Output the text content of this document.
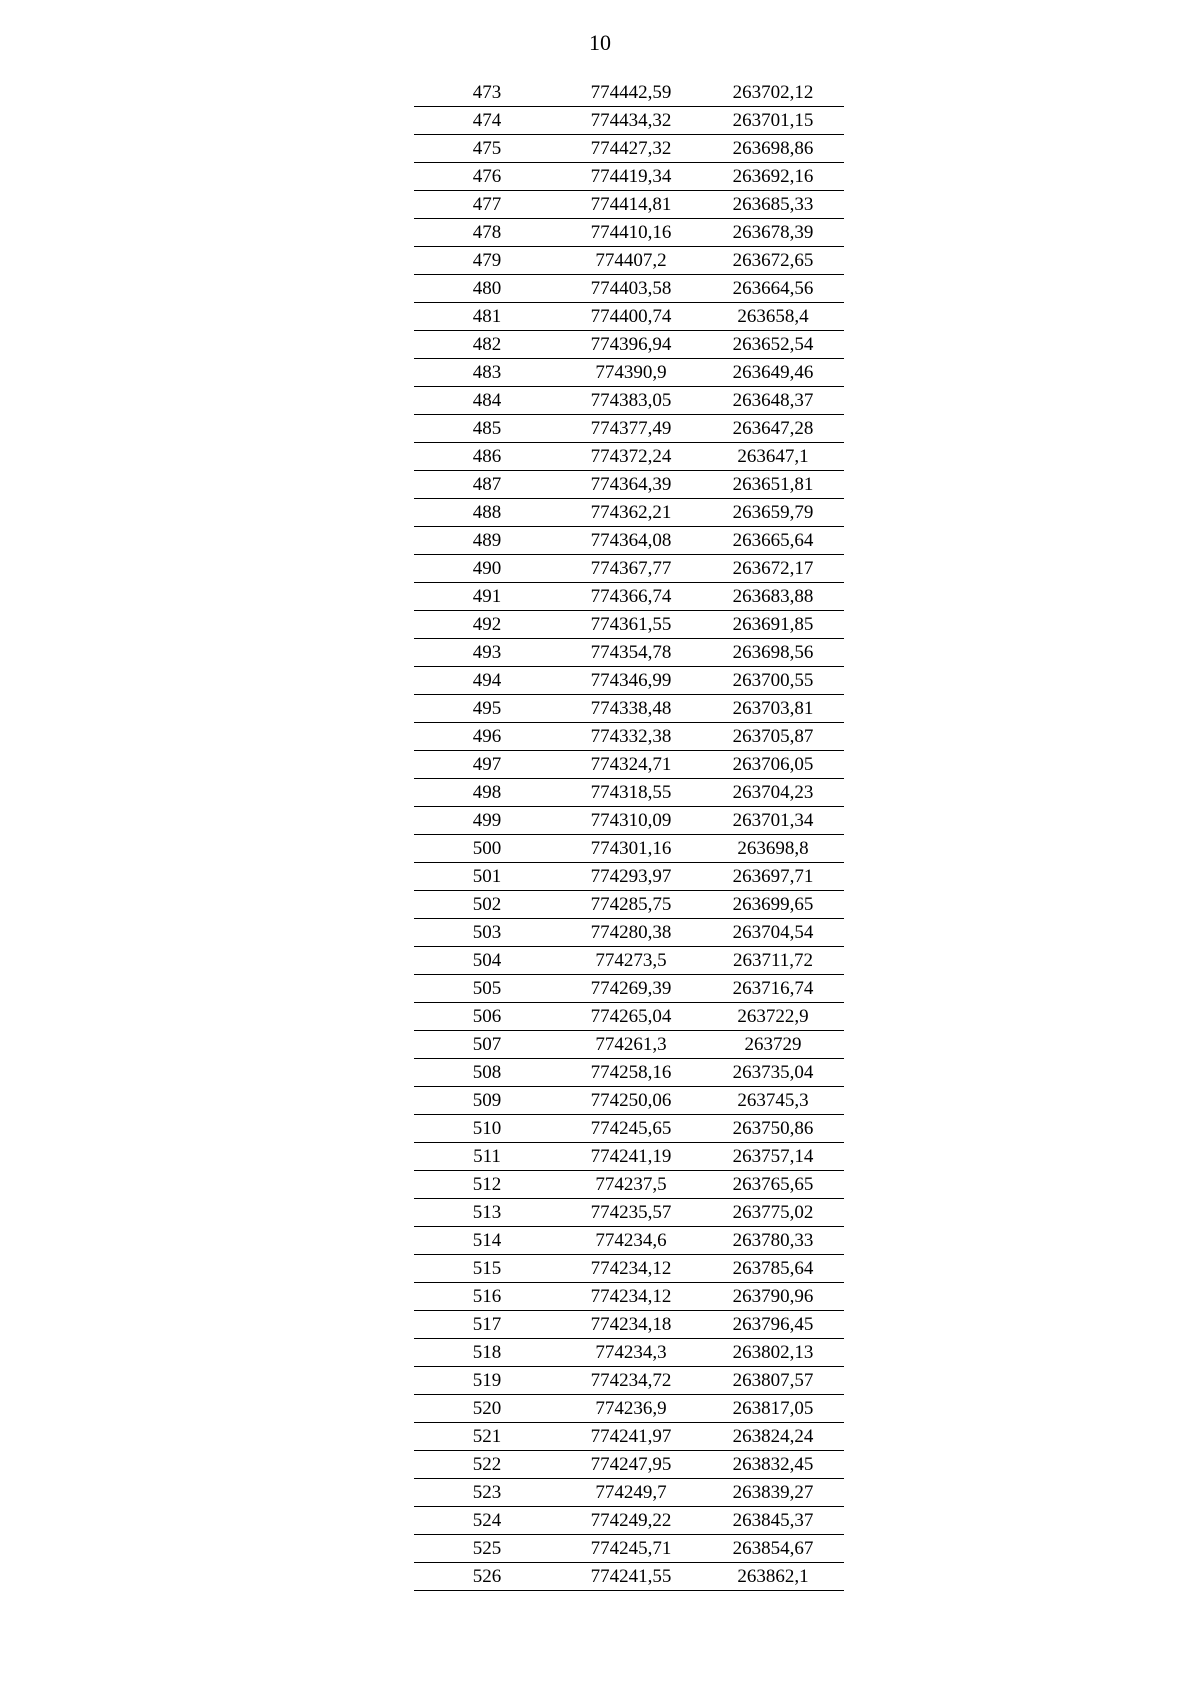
10
473	774442,59	263702,12
474	774434,32	263701,15
475	774427,32	263698,86
476	774419,34	263692,16
477	774414,81	263685,33
478	774410,16	263678,39
479	774407,2	263672,65
480	774403,58	263664,56
481	774400,74	263658,4
482	774396,94	263652,54
483	774390,9	263649,46
484	774383,05	263648,37
485	774377,49	263647,28
486	774372,24	263647,1
487	774364,39	263651,81
488	774362,21	263659,79
489	774364,08	263665,64
490	774367,77	263672,17
491	774366,74	263683,88
492	774361,55	263691,85
493	774354,78	263698,56
494	774346,99	263700,55
495	774338,48	263703,81
496	774332,38	263705,87
497	774324,71	263706,05
498	774318,55	263704,23
499	774310,09	263701,34
500	774301,16	263698,8
501	774293,97	263697,71
502	774285,75	263699,65
503	774280,38	263704,54
504	774273,5	263711,72
505	774269,39	263716,74
506	774265,04	263722,9
507	774261,3	263729
508	774258,16	263735,04
509	774250,06	263745,3
510	774245,65	263750,86
511	774241,19	263757,14
512	774237,5	263765,65
513	774235,57	263775,02
514	774234,6	263780,33
515	774234,12	263785,64
516	774234,12	263790,96
517	774234,18	263796,45
518	774234,3	263802,13
519	774234,72	263807,57
520	774236,9	263817,05
521	774241,97	263824,24
522	774247,95	263832,45
523	774249,7	263839,27
524	774249,22	263845,37
525	774245,71	263854,67
526	774241,55	263862,1
